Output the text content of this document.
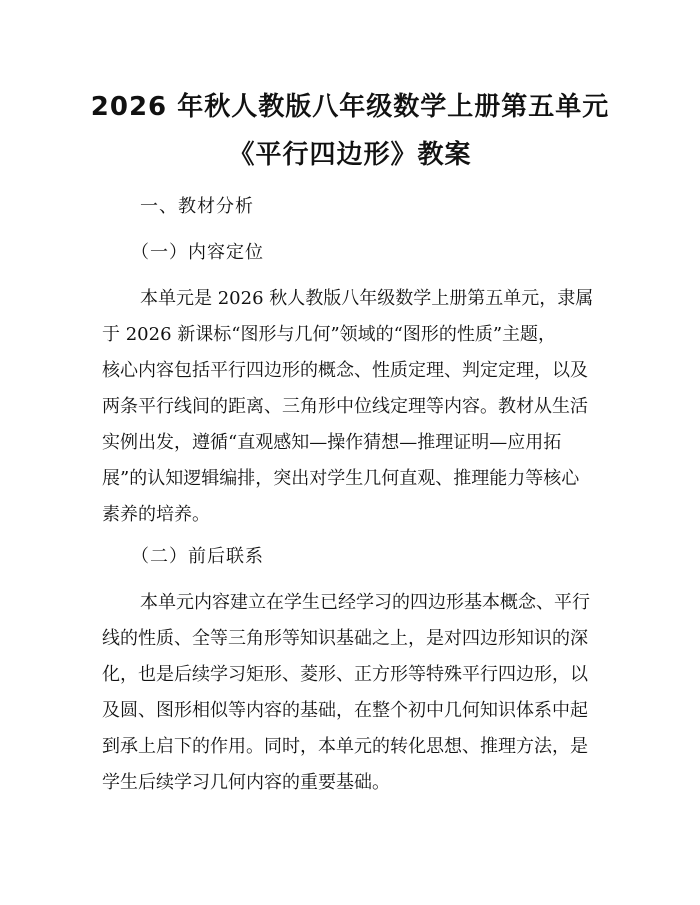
2026 年秋人教版八年级数学上册第五单元
《平行四边形》教案
一、教材分析
（一）内容定位
本单元是 2026 秋人教版八年级数学上册第五单元，隶属
于 2026 新课标“图形与几何”领域的“图形的性质”主题，
核心内容包括平行四边形的概念、性质定理、判定定理，以及
两条平行线间的距离、三角形中位线定理等内容。教材从生活
实例出发，遵循“直观感知—操作猜想—推理证明—应用拓
展”的认知逻辑编排，突出对学生几何直观、推理能力等核心
素养的培养。
（二）前后联系
本单元内容建立在学生已经学习的四边形基本概念、平行
线的性质、全等三角形等知识基础之上，是对四边形知识的深
化，也是后续学习矩形、菱形、正方形等特殊平行四边形，以
及圆、图形相似等内容的基础，在整个初中几何知识体系中起
到承上启下的作用。同时，本单元的转化思想、推理方法，是
学生后续学习几何内容的重要基础。
